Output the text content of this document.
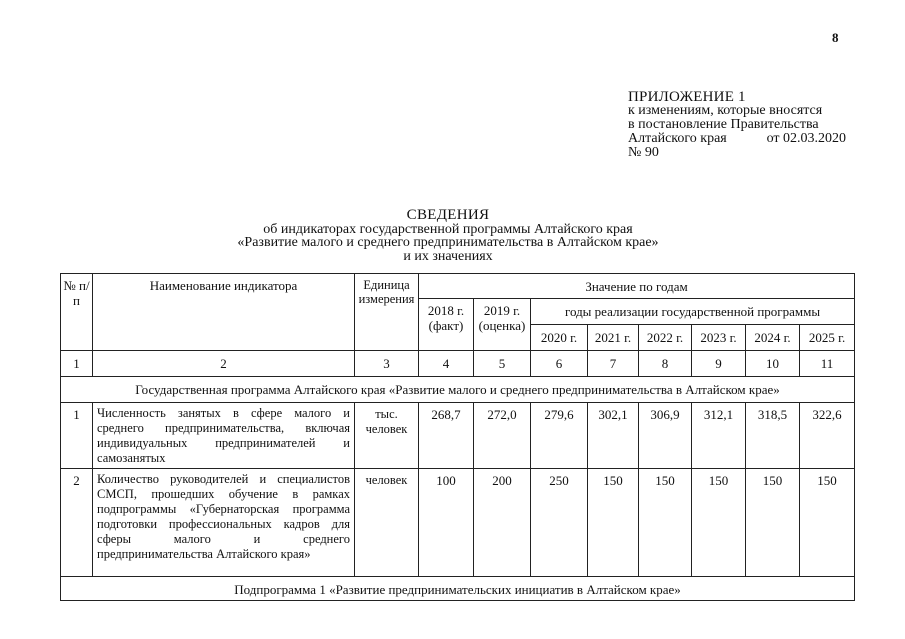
8
ПРИЛОЖЕНИЕ 1
к изменениям, которые вносятся
в постановление Правительства
Алтайского края	от 02.03.2020
№ 90
СВЕДЕНИЯ
об индикаторах государственной программы Алтайского края
«Развитие малого и среднего предпринимательства в Алтайском крае»
и их значениях
№ п/п	Наименование индикатора	Единица измерения	Значение по годам							
			2018 г. (факт)	2019 г. (оценка)	годы реализации государственной программы					
					2020 г.	2021 г.	2022 г.	2023 г.	2024 г.	2025 г.
1	2	3	4	5	6	7	8	9	10	11
Государственная программа Алтайского края «Развитие малого и среднего предпринимательства в Алтайском крае»										
1	Численность занятых в сфере малого и среднего предпринимательства, включая индивидуальных предпринимателей и самозанятых	тыс. человек	268,7	272,0	279,6	302,1	306,9	312,1	318,5	322,6
2	Количество руководителей и специалистов СМСП, прошедших обучение в рамках подпрограммы «Губернаторская программа подготовки профессиональных кадров для сферы малого и среднего предпринимательства Алтайского края»	человек	100	200	250	150	150	150	150	150
Подпрограмма 1 «Развитие предпринимательских инициатив в Алтайском крае»										
